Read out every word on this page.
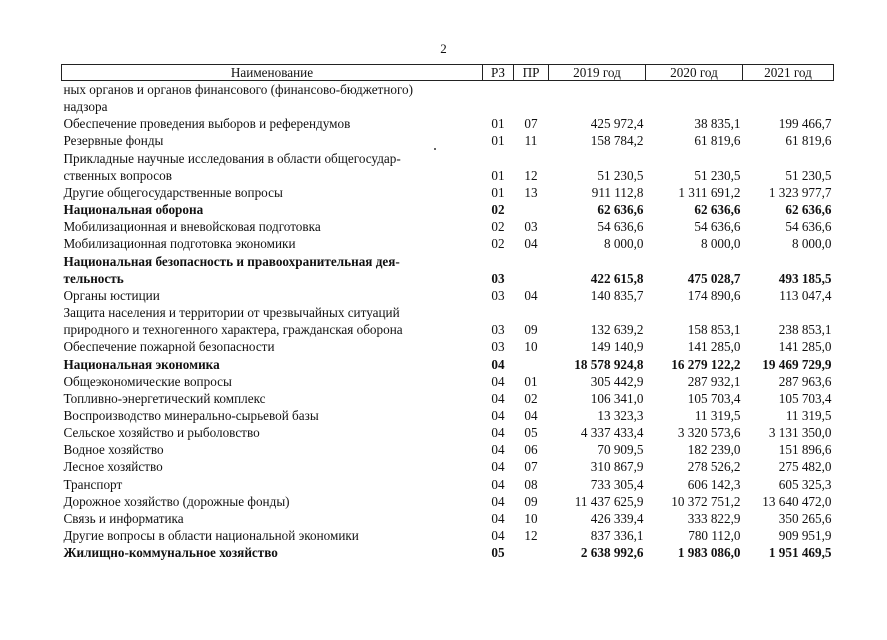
2
Наименование	РЗ	ПР	2019 год	2020 год	2021 год
ных органов и органов финансового (финансово-бюджетного)					
надзора					
Обеспечение проведения выборов и референдумов	01	07	425 972,4	38 835,1	199 466,7
Резервные фонды	01	11	158 784,2	61 819,6	61 819,6
Прикладные научные исследования в области общегосудар-					
ственных вопросов	01	12	51 230,5	51 230,5	51 230,5
Другие общегосударственные вопросы	01	13	911 112,8	1 311 691,2	1 323 977,7
Национальная оборона	02		62 636,6	62 636,6	62 636,6
Мобилизационная и вневойсковая подготовка	02	03	54 636,6	54 636,6	54 636,6
Мобилизационная подготовка экономики	02	04	8 000,0	8 000,0	8 000,0
Национальная безопасность и правоохранительная дея-					
тельность	03		422 615,8	475 028,7	493 185,5
Органы юстиции	03	04	140 835,7	174 890,6	113 047,4
Защита населения и территории от чрезвычайных ситуаций					
природного и техногенного характера, гражданская оборона	03	09	132 639,2	158 853,1	238 853,1
Обеспечение пожарной безопасности	03	10	149 140,9	141 285,0	141 285,0
Национальная экономика	04		18 578 924,8	16 279 122,2	19 469 729,9
Общеэкономические вопросы	04	01	305 442,9	287 932,1	287 963,6
Топливно-энергетический комплекс	04	02	106 341,0	105 703,4	105 703,4
Воспроизводство минерально-сырьевой базы	04	04	13 323,3	11 319,5	11 319,5
Сельское хозяйство и рыболовство	04	05	4 337 433,4	3 320 573,6	3 131 350,0
Водное хозяйство	04	06	70 909,5	182 239,0	151 896,6
Лесное хозяйство	04	07	310 867,9	278 526,2	275 482,0
Транспорт	04	08	733 305,4	606 142,3	605 325,3
Дорожное хозяйство (дорожные фонды)	04	09	11 437 625,9	10 372 751,2	13 640 472,0
Связь и информатика	04	10	426 339,4	333 822,9	350 265,6
Другие вопросы в области национальной экономики	04	12	837 336,1	780 112,0	909 951,9
Жилищно-коммунальное хозяйство	05		2 638 992,6	1 983 086,0	1 951 469,5
